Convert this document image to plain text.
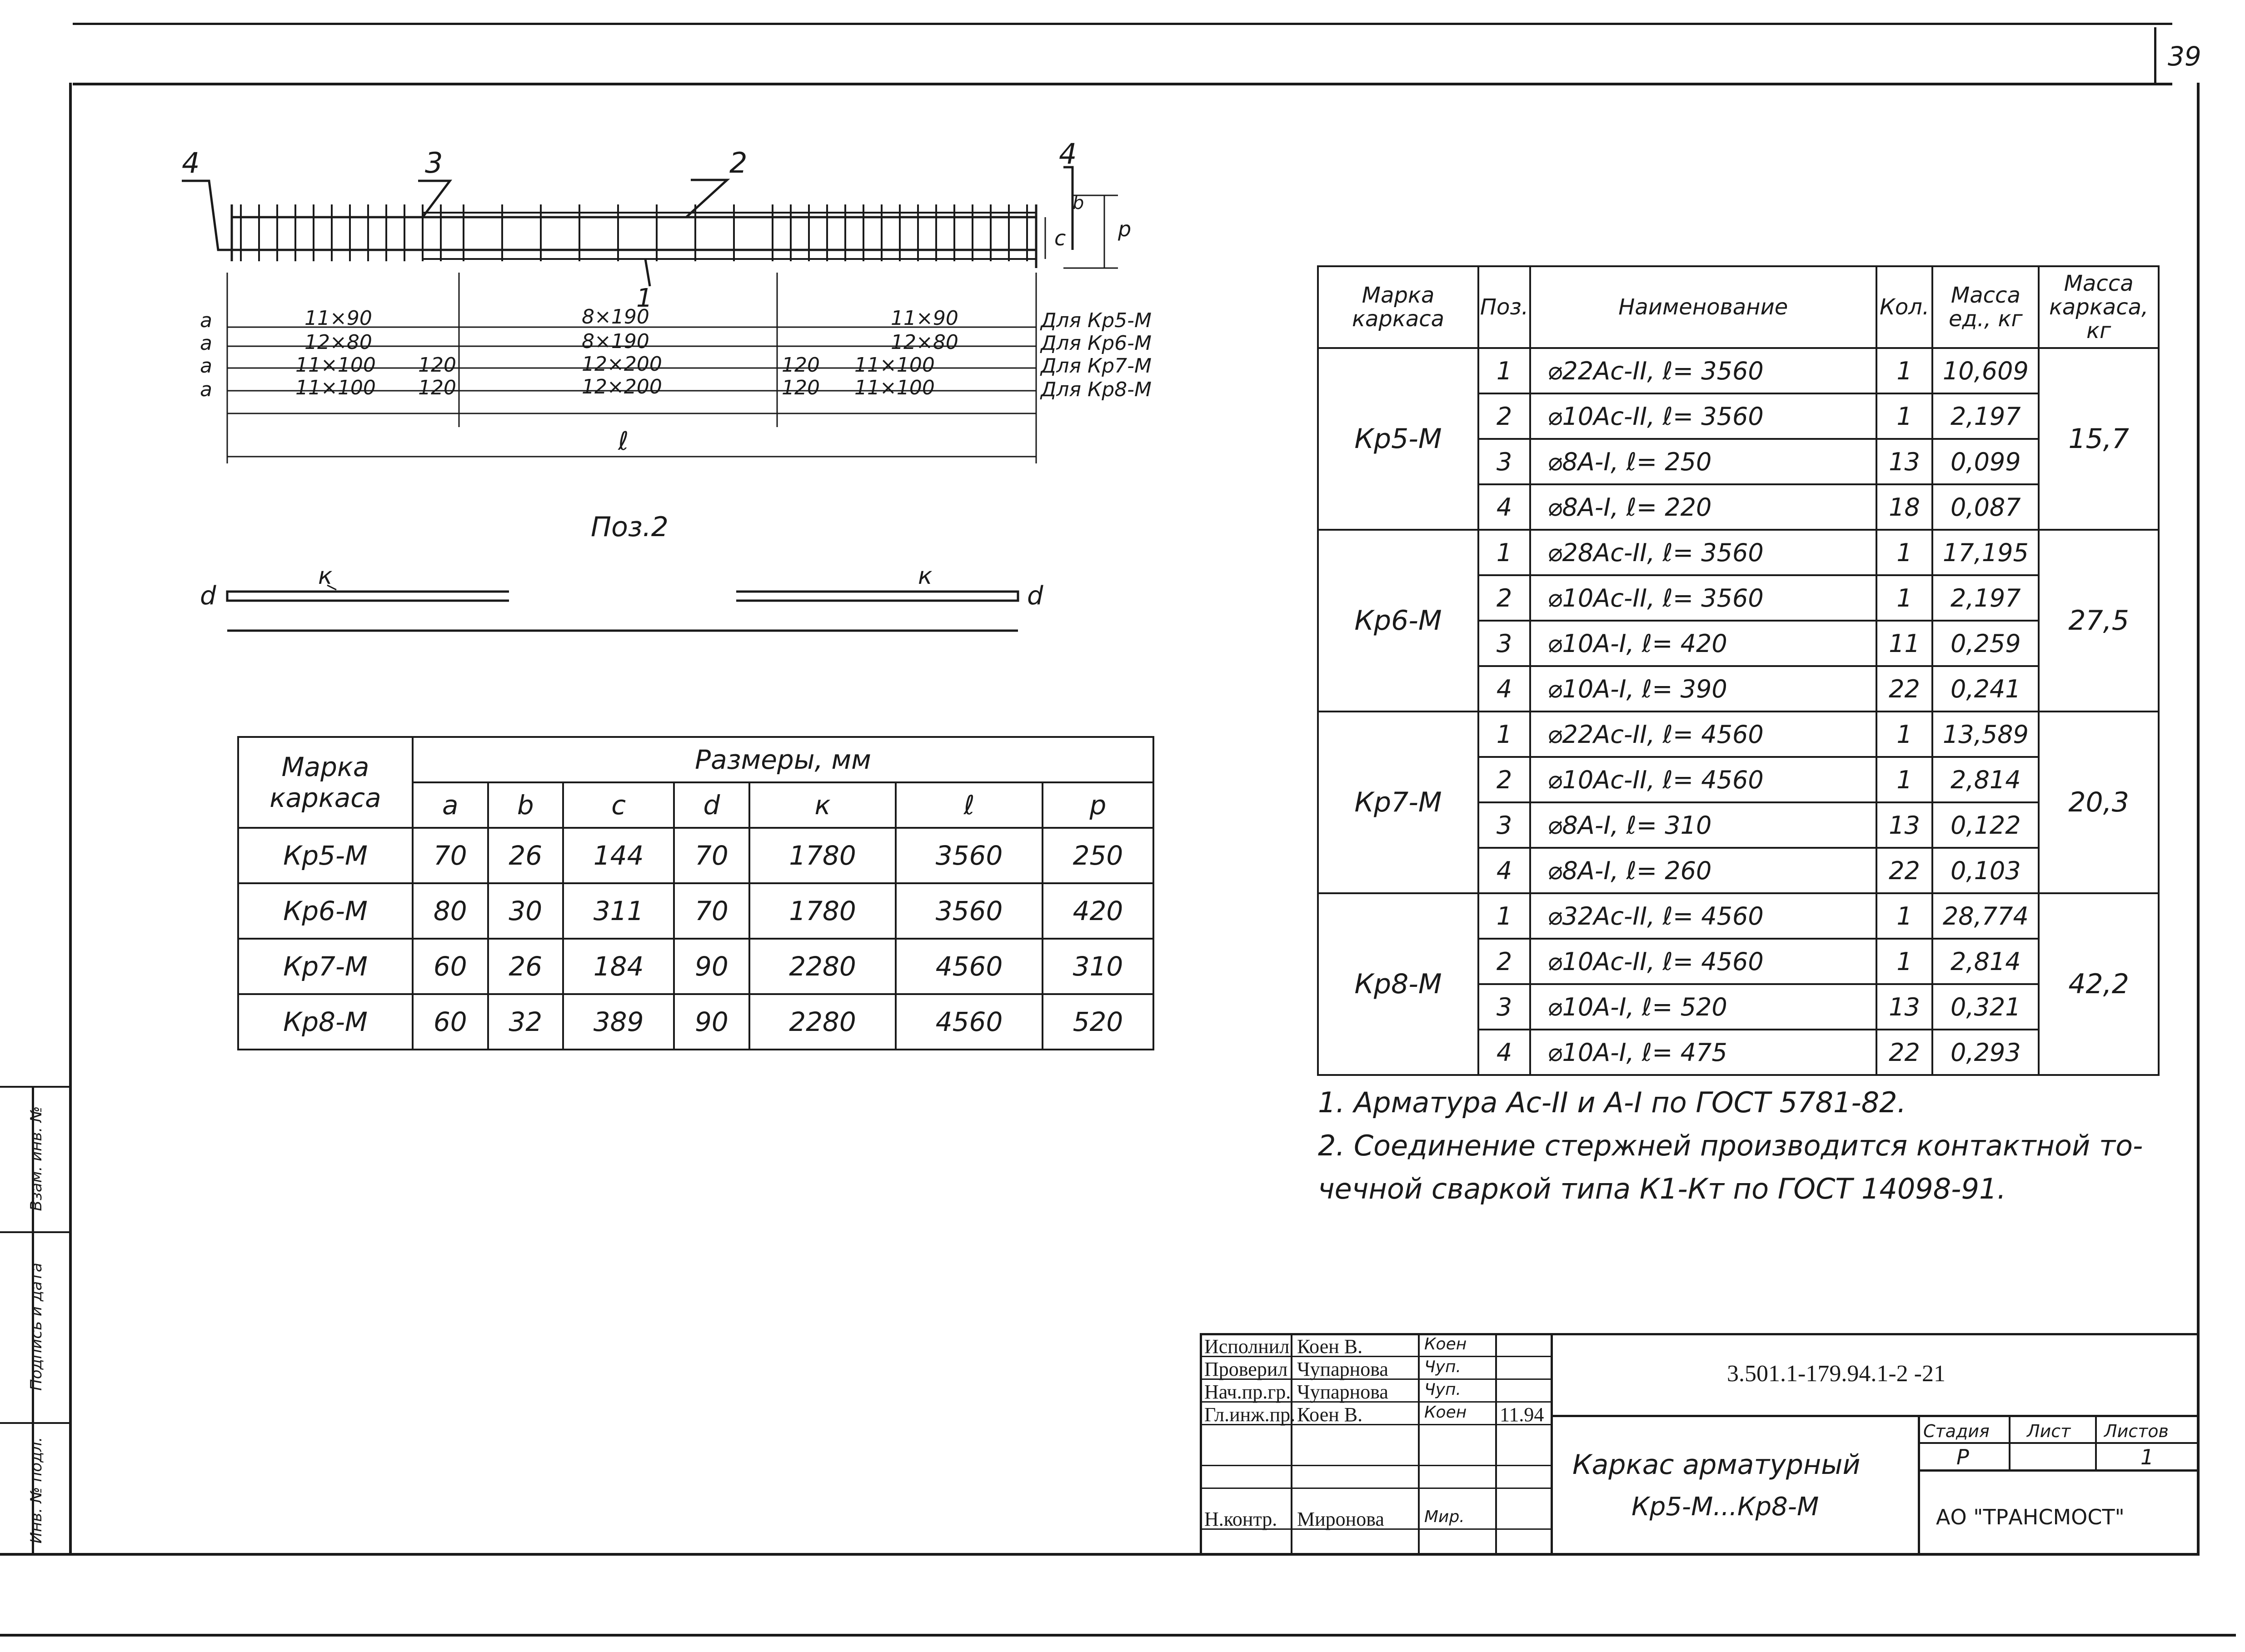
39
Взам. инв. №
Подпись и дата
Инв. № подл.
4	3	2	4
1
c
b
p
a	11×90	8×190	11×90	Для Кр5-М
a	12×80	8×190	12×80	Для Кр6-М
a	11×100 120	12×200	120 11×100	Для Кр7-М
a	11×100 120	12×200	120 11×100	Для Кр8-М
ℓ
Поз.2
d
к	к
d
Марка каркаса	Размеры, мм						
	a	b	c	d	к	ℓ	p
Кр5-М	70	26	144	70	1780	3560	250
Кр6-М	80	30	311	70	1780	3560	420
Кр7-М	60	26	184	90	2280	4560	310
Кр8-М	60	32	389	90	2280	4560	520
Марка каркаса	Поз.	Наименование	Кол.	Масса ед., кг	Масса каркаса, кг
Кр5-М	1	⌀22Aс-II, ℓ= 3560	1	10,609	15,7
	2	⌀10Aс-II, ℓ= 3560	1	2,197	
	3	⌀8A-I, ℓ= 250	13	0,099	
	4	⌀8A-I, ℓ= 220	18	0,087	
Кр6-М	1	⌀28Aс-II, ℓ= 3560	1	17,195	27,5
	2	⌀10Aс-II, ℓ= 3560	1	2,197	
	3	⌀10A-I, ℓ= 420	11	0,259	
	4	⌀10A-I, ℓ= 390	22	0,241	
Кр7-М	1	⌀22Aс-II, ℓ= 4560	1	13,589	20,3
	2	⌀10Aс-II, ℓ= 4560	1	2,814	
	3	⌀8A-I, ℓ= 310	13	0,122	
	4	⌀8A-I, ℓ= 260	22	0,103	
Кр8-М	1	⌀32Aс-II, ℓ= 4560	1	28,774	42,2
	2	⌀10Aс-II, ℓ= 4560	1	2,814	
	3	⌀10A-I, ℓ= 520	13	0,321	
	4	⌀10A-I, ℓ= 475	22	0,293	
1. Арматура Aс-II и A-I по ГОСТ 5781-82.
2. Соединение стержней производится контактной то-
чечной сваркой типа К1-Кт по ГОСТ 14098-91.
Исполнил Коен В.	Коен
Проверил Чупарнова Чуп.
Нач.пр.гр. Чупарнова Чуп.
Гл.инж.пр. Коен В.	Коен 11.94
Н.контр. Миронова Мир.
3.501.1-179.94.1-2 -21
Каркас арматурный
Кр5-М...Кр8-М
Стадия Лист Листов
Р	1
АО "ТРАНСМОСТ"
